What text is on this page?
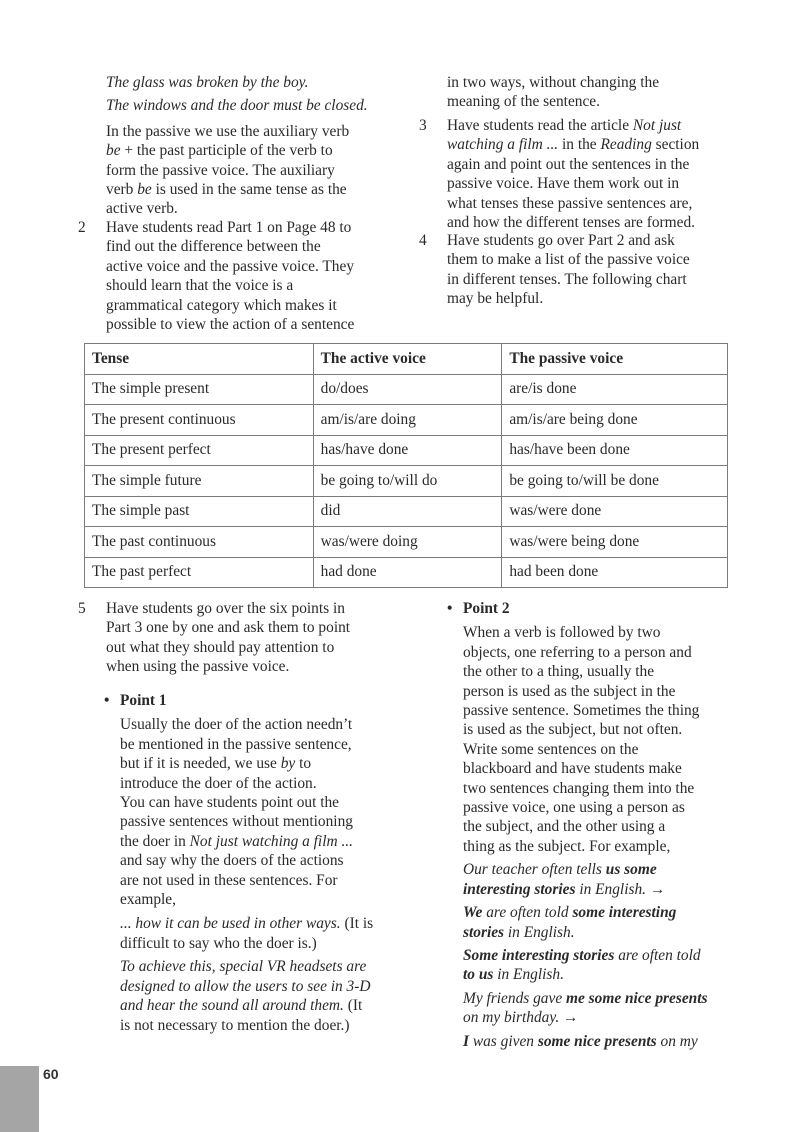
The glass was broken by the boy.

The windows and the door must be closed.

In the passive we use the auxiliary verb
be + the past participle of the verb to
form the passive voice. The auxiliary
verb be is used in the same tense as the
active verb.

2 Have students read Part 1 on Page 48 to
find out the difference between the
active voice and the passive voice. They
should learn that the voice is a
grammatical category which makes it
possible to view the action of a sentence
in two ways, without changing the
meaning of the sentence.
3 Have students read the article Not just
watching a film ... in the Reading section
again and point out the sentences in the
passive voice. Have them work out in
what tenses these passive sentences are,
and how the different tenses are formed.
4 Have students go over Part 2 and ask
them to make a list of the passive voice
in different tenses. The following chart
may be helpful.
Tense	The active voice	The passive voice
The simple present	do/does	are/is done
The present continuous	am/is/are doing	am/is/are being done
The present perfect	has/have done	has/have been done
The simple future	be going to/will do	be going to/will be done
The simple past	did	was/were done
The past continuous	was/were doing	was/were being done
The past perfect	had done	had been done
5 Have students go over the six points in
Part 3 one by one and ask them to point
out what they should pay attention to
when using the passive voice.

• Point 1

Usually the doer of the action needn’t
be mentioned in the passive sentence,
but if it is needed, we use by to
introduce the doer of the action.
You can have students point out the
passive sentences without mentioning
the doer in Not just watching a film ...
and say why the doers of the actions
are not used in these sentences. For
example,

... how it can be used in other ways. (It is
difficult to say who the doer is.)

To achieve this, special VR headsets are
designed to allow the users to see in 3-D
and hear the sound all around them. (It
is not necessary to mention the doer.)

• Point 2

When a verb is followed by two
objects, one referring to a person and
the other to a thing, usually the
person is used as the subject in the
passive sentence. Sometimes the thing
is used as the subject, but not often.
Write some sentences on the
blackboard and have students make
two sentences changing them into the
passive voice, one using a person as
the subject, and the other using a
thing as the subject. For example,

Our teacher often tells us some
interesting stories in English. →

We are often told some interesting
stories in English.

Some interesting stories are often told
to us in English.

My friends gave me some nice presents
on my birthday. →

I was given some nice presents on my

60
